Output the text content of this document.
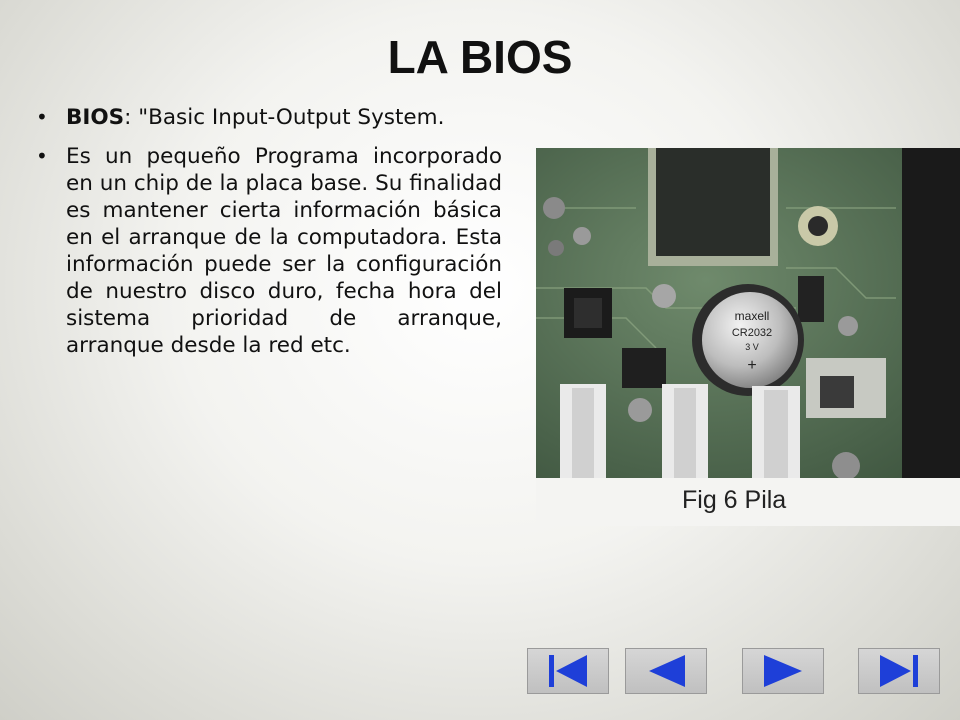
LA BIOS
• BIOS: "Basic Input-Output System.
• Es un pequeño Programa incorporado en un chip de la placa base. Su finalidad es mantener cierta información básica en el arranque de la computadora. Esta información puede ser la configuración de nuestro disco duro, fecha hora del sistema prioridad de arranque, arranque desde la red etc.
maxell
CR2032
3 V
+
Fig 6 Pila
